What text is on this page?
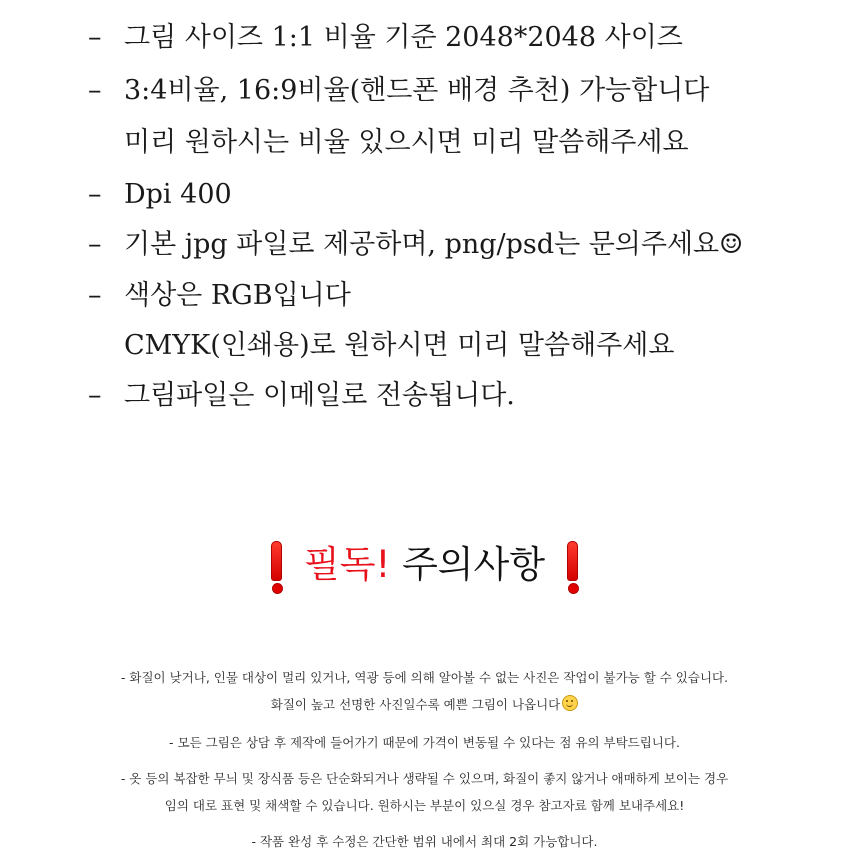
– 그림 사이즈 1:1 비율 기준 2048*2048 사이즈
– 3:4비율, 16:9비율(핸드폰 배경 추천) 가능합니다
미리 원하시는 비율 있으시면 미리 말씀해주세요
– Dpi 400
– 기본 jpg 파일로 제공하며, png/psd는 문의주세요☺
– 색상은 RGB입니다
CMYK(인쇄용)로 원하시면 미리 말씀해주세요
– 그림파일은 이메일로 전송됩니다.
필독! 주의사항
- 화질이 낮거나, 인물 대상이 멀리 있거나, 역광 등에 의해 알아볼 수 없는 사진은 작업이 불가능 할 수 있습니다.
화질이 높고 선명한 사진일수록 예쁜 그림이 나옵니다
- 모든 그림은 상담 후 제작에 들어가기 때문에 가격이 변동될 수 있다는 점 유의 부탁드립니다.
- 옷 등의 복잡한 무늬 및 장식품 등은 단순화되거나 생략될 수 있으며, 화질이 좋지 않거나 애매하게 보이는 경우
임의 대로 표현 및 채색할 수 있습니다. 원하시는 부분이 있으실 경우 참고자료 함께 보내주세요!
- 작품 완성 후 수정은 간단한 범위 내에서 최대 2회 가능합니다.
